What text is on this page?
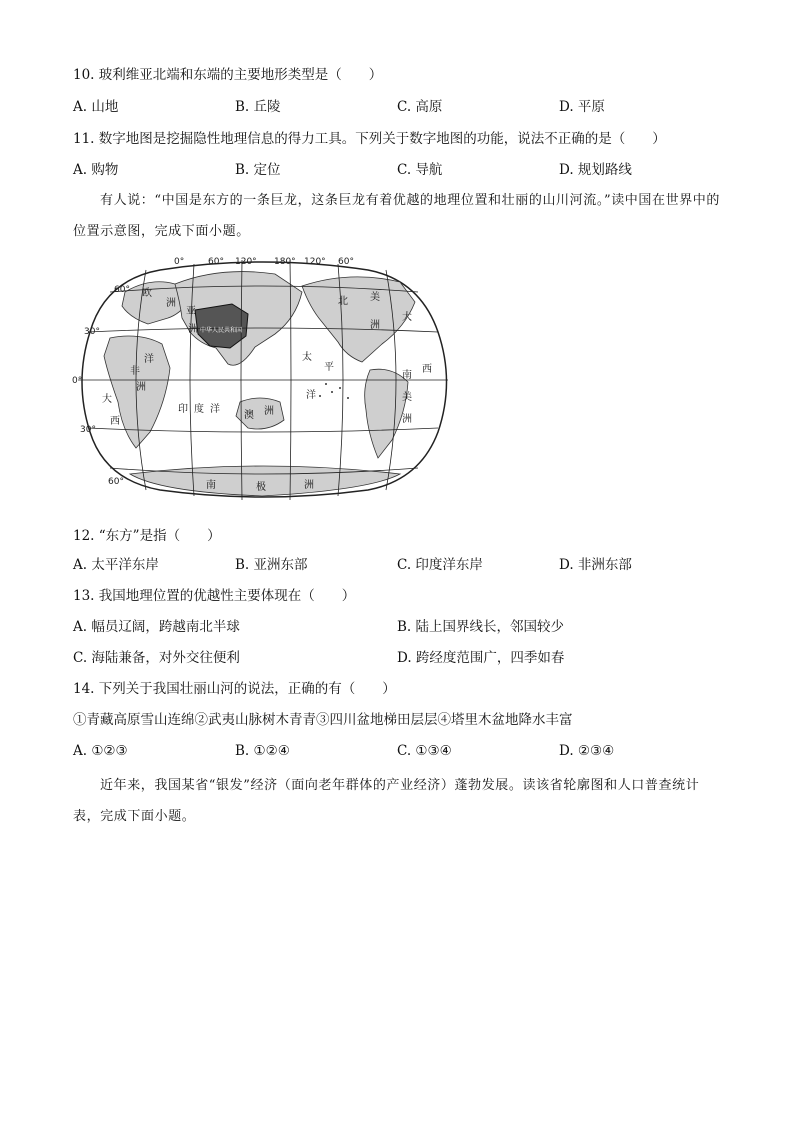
10. 玻利维亚北端和东端的主要地形类型是（　　）
A. 山地	B. 丘陵	C. 高原	D. 平原
11. 数字地图是挖掘隐性地理信息的得力工具。下列关于数字地图的功能，说法不正确的是（　　）
A. 购物	B. 定位	C. 导航	D. 规划路线
有人说：“中国是东方的一条巨龙，这条巨龙有着优越的地理位置和壮丽的山川河流。”读中国在世界中的位置示意图，完成下面小题。
0°	60° 120° 180° 120° 60°
60°
30°
0°
30°
60°
欧
洲
亚
洲
北 美
洲
大
西
太
平
洋
印 度 洋
南
美
洲
大
西
洋
非
洲
澳 洲
南	极	洲
中华人民共和国
12. “东方”是指（　　）
A. 太平洋东岸	B. 亚洲东部	C. 印度洋东岸	D. 非洲东部
13. 我国地理位置的优越性主要体现在（　　）
A. 幅员辽阔，跨越南北半球	B. 陆上国界线长，邻国较少
C. 海陆兼备，对外交往便利	D. 跨经度范围广，四季如春
14. 下列关于我国壮丽山河的说法，正确的有（　　）
①青藏高原雪山连绵②武夷山脉树木青青③四川盆地梯田层层④塔里木盆地降水丰富
A. ①②③	B. ①②④	C. ①③④	D. ②③④
近年来，我国某省“银发”经济（面向老年群体的产业经济）蓬勃发展。读该省轮廓图和人口普查统计表，完成下面小题。
